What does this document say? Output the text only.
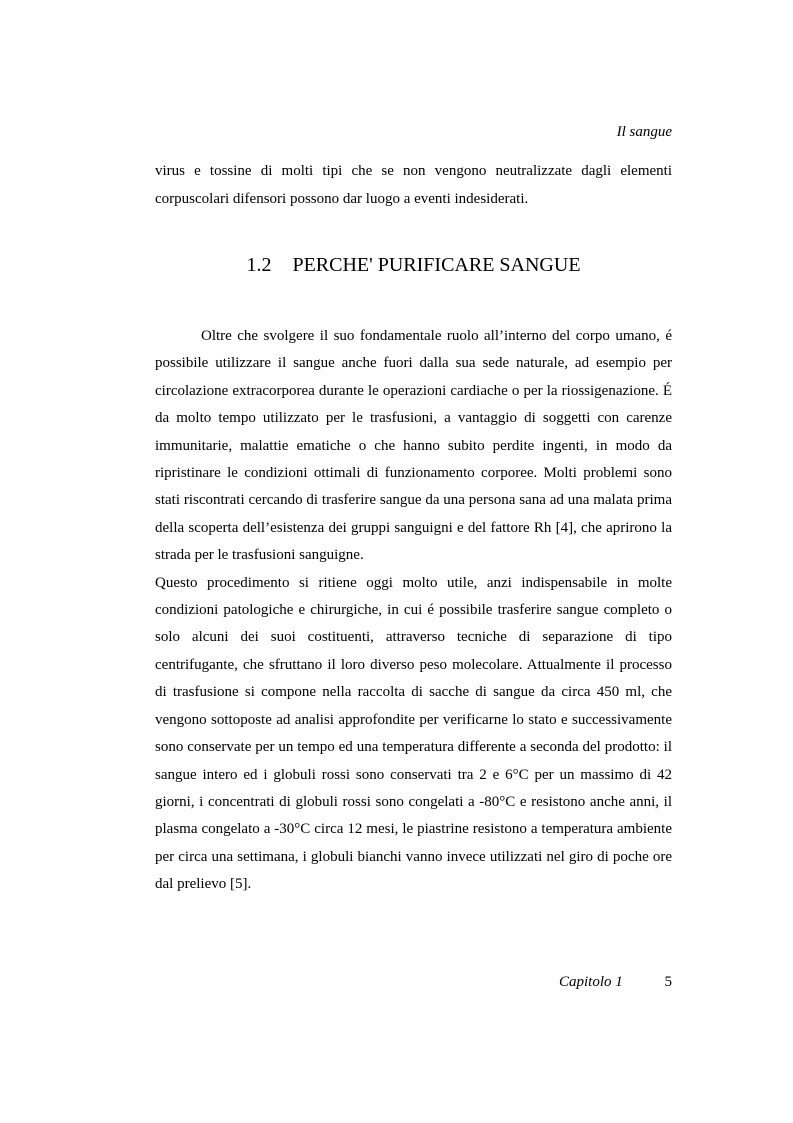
Il sangue

virus e tossine di molti tipi che se non vengono neutralizzate dagli elementi corpuscolari difensori possono dar luogo a eventi indesiderati.

1.2 PERCHE' PURIFICARE SANGUE

Oltre che svolgere il suo fondamentale ruolo all’interno del corpo umano, é possibile utilizzare il sangue anche fuori dalla sua sede naturale, ad esempio per circolazione extracorporea durante le operazioni cardiache o per la riossigenazione. É da molto tempo utilizzato per le trasfusioni, a vantaggio di soggetti con carenze immunitarie, malattie ematiche o che hanno subito perdite ingenti, in modo da ripristinare le condizioni ottimali di funzionamento corporee. Molti problemi sono stati riscontrati cercando di trasferire sangue da una persona sana ad una malata prima della scoperta dell’esistenza dei gruppi sanguigni e del fattore Rh [4], che aprirono la strada per le trasfusioni sanguigne.

Questo procedimento si ritiene oggi molto utile, anzi indispensabile in molte condizioni patologiche e chirurgiche, in cui é possibile trasferire sangue completo o solo alcuni dei suoi costituenti, attraverso tecniche di separazione di tipo centrifugante, che sfruttano il loro diverso peso molecolare. Attualmente il processo di trasfusione si compone nella raccolta di sacche di sangue da circa 450 ml, che vengono sottoposte ad analisi approfondite per verificarne lo stato e successivamente sono conservate per un tempo ed una temperatura differente a seconda del prodotto: il sangue intero ed i globuli rossi sono conservati tra 2 e 6°C per un massimo di 42 giorni, i concentrati di globuli rossi sono congelati a -80°C e resistono anche anni, il plasma congelato a -30°C circa 12 mesi, le piastrine resistono a temperatura ambiente per circa una settimana, i globuli bianchi vanno invece utilizzati nel giro di poche ore dal prelievo [5].

Capitolo 1	5
